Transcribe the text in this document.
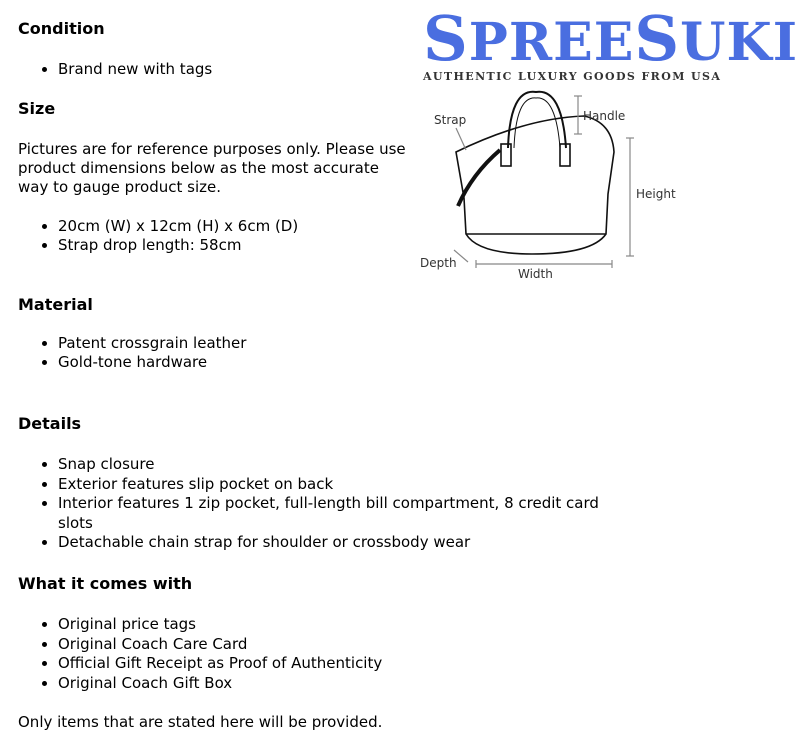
SPREESUKI
AUTHENTIC LUXURY GOODS FROM USA
Strap	Handle
Height
Depth
Width
Condition
• Brand new with tags
Size

Pictures are for reference purposes only. Please use product dimensions below as the most accurate way to gauge product size.

• 20cm (W) x 12cm (H) x 6cm (D)
• Strap drop length: 58cm
Material
• Patent crossgrain leather
• Gold-tone hardware
Details
• Snap closure
• Exterior features slip pocket on back
• Interior features 1 zip pocket, full-length bill compartment, 8 credit card slots
• Detachable chain strap for shoulder or crossbody wear
What it comes with
• Original price tags
• Original Coach Care Card
• Official Gift Receipt as Proof of Authenticity
• Original Coach Gift Box

Only items that are stated here will be provided.
